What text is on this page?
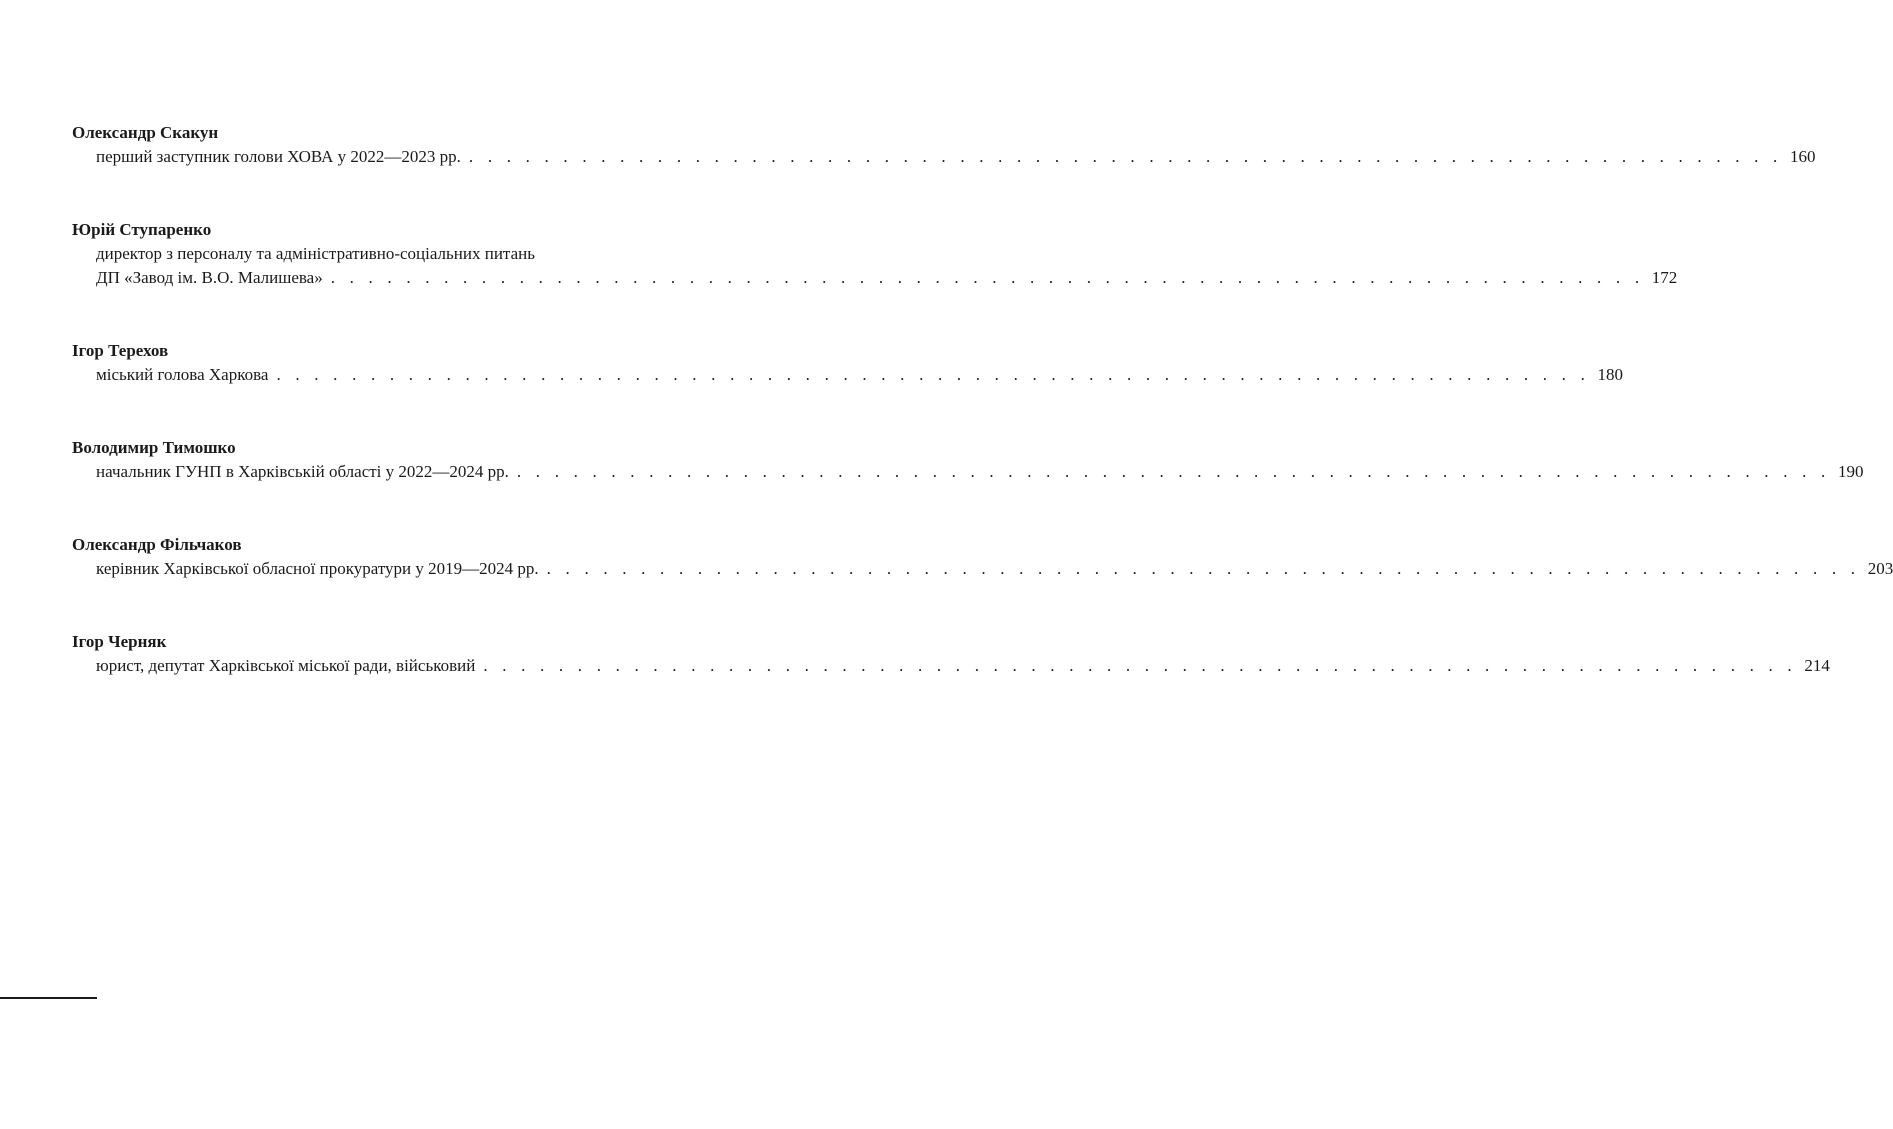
Олександр Скакун
перший заступник голови ХОВА у 2022—2023 рр. . . . . . . . . . . . . . . . . . . . . . . . . . . . . . . . . . . . . . . . . . . . . . . . . . . . . . . . . . . . . . . . . . . . . . . 160
Юрій Ступаренко
директор з персоналу та адміністративно-соціальних питань
ДП «Завод ім. В.О. Малишева» . . . . . . . . . . . . . . . . . . . . . . . . . . . . . . . . . . . . . . . . . . . . . . . . . . . . . . . . . . . . . . . . . . . . . . 172
Ігор Терехов
міський голова Харкова . . . . . . . . . . . . . . . . . . . . . . . . . . . . . . . . . . . . . . . . . . . . . . . . . . . . . . . . . . . . . . . . . . . . . . 180
Володимир Тимошко
начальник ГУНП в Харківській області у 2022—2024 рр. . . . . . . . . . . . . . . . . . . . . . . . . . . . . . . . . . . . . . . . . . . . . . . . . . . . . . . . . . . . . . . . . . . . . . . 190
Олександр Фільчаков
керівник Харківської обласної прокуратури у 2019—2024 рр. . . . . . . . . . . . . . . . . . . . . . . . . . . . . . . . . . . . . . . . . . . . . . . . . . . . . . . . . . . . . . . . . . . . . . . 203
Ігор Черняк
юрист, депутат Харківської міської ради, військовий . . . . . . . . . . . . . . . . . . . . . . . . . . . . . . . . . . . . . . . . . . . . . . . . . . . . . . . . . . . . . . . . . . . . . . 214
